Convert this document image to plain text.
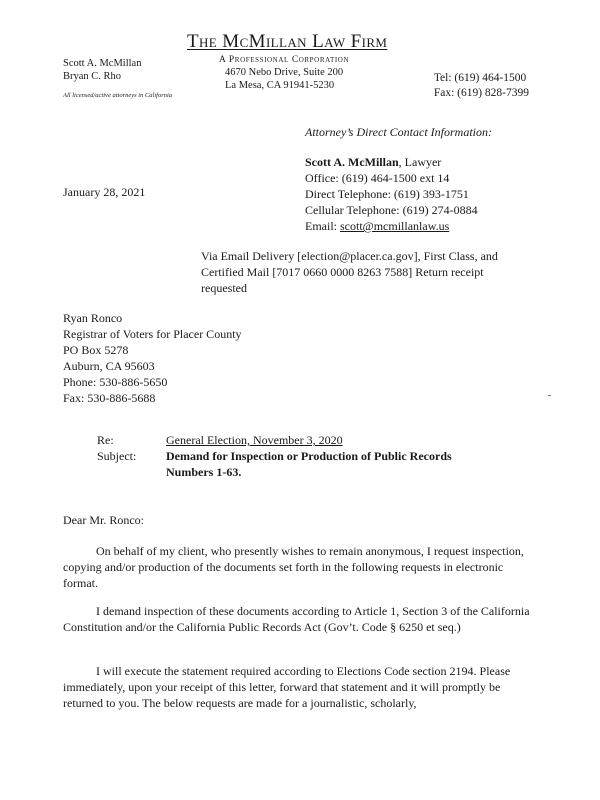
The McMillan Law Firm
A Professional Corporation
4670 Nebo Drive, Suite 200
La Mesa, CA 91941-5230
Scott A. McMillan
Bryan C. Rho
All licensed/active attorneys in California
Tel: (619) 464-1500
Fax: (619) 828-7399
Attorney’s Direct Contact Information:
Scott A. McMillan, Lawyer
Office: (619) 464-1500 ext 14
Direct Telephone: (619) 393-1751
Cellular Telephone: (619) 274-0884
Email: scott@mcmillanlaw.us
January 28, 2021
Via Email Delivery [election@placer.ca.gov], First Class, and Certified Mail [7017 0660 0000 8263 7588] Return receipt requested
Ryan Ronco
Registrar of Voters for Placer County
PO Box 5278
Auburn, CA 95603
Phone: 530-886-5650
Fax: 530-886-5688
Re:
Subject:
General Election, November 3, 2020
Demand for Inspection or Production of Public Records
Numbers 1-63.
Dear Mr. Ronco:
On behalf of my client, who presently wishes to remain anonymous, I request inspection, copying and/or production of the documents set forth in the following requests in electronic format.
I demand inspection of these documents according to Article 1, Section 3 of the California Constitution and/or the California Public Records Act (Gov’t. Code § 6250 et seq.)
I will execute the statement required according to Elections Code section 2194. Please immediately, upon your receipt of this letter, forward that statement and it will promptly be returned to you. The below requests are made for a journalistic, scholarly,
